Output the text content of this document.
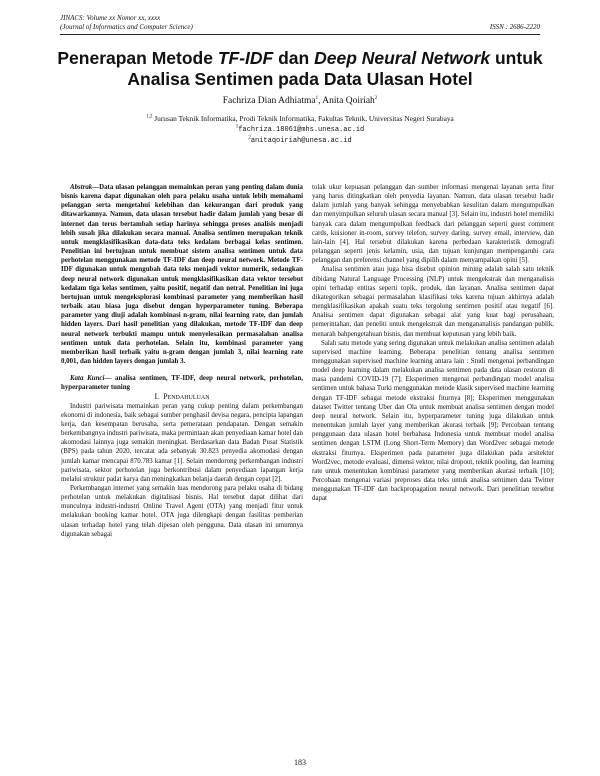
JINACS: Volume xx Nomor xx, xxxx
(Journal of Informatics and Computer Science)	ISSN : 2686-2220
Penerapan Metode TF-IDF dan Deep Neural Network untuk Analisa Sentimen pada Data Ulasan Hotel
Fachriza Dian Adhiatma$^1$, Anita Qoiriah$^2$
$^{1,2}$ Jurusan Teknik Informatika, Prodi Teknik Informatika, Fakultas Teknik, Universitas Negeri Surabaya
$^1$fachriza.18061@mhs.unesa.ac.id
$^2$anitaqoiriah@unesa.ac.id

Abstrak—Data ulasan pelanggan memainkan peran yang penting dalam dunia bisnis karena dapat digunakan oleh para pelaku usaha untuk lebih memahami pelanggan serta mengetahui kelebihan dan kekurangan dari produk yang ditawarkannya. Namun, data ulasan tersebut hadir dalam jumlah yang besar di internet dan terus bertambah setiap harinya sehingga proses analisis menjadi lebih susah jika dilakukan secara manual. Analisa sentimen merupakan teknik untuk mengklasifikasikan data-data teks kedalam berbagai kelas sentimen. Penelitian ini bertujuan untuk membuat sistem analisa sentimen untuk data perhotelan menggunakan metode TF-IDF dan deep neural network. Metode TF-IDF digunakan untuk mengubah data teks menjadi vektor numerik, sedangkan deep neural network digunakan untuk mengklasifikasikan data vektor tersebut kedalam tiga kelas sentimen, yaitu positif, negatif dan netral. Penelitian ini juga bertujuan untuk mengeksplorasi kombinasi parameter yang memberikan hasil terbaik atau biasa juga disebut dengan hyperparameter tuning. Beberapa parameter yang diuji adalah kombinasi n-gram, nilai learning rate, dan jumlah hidden layers. Dari hasil penelitian yang dilakukan, metode TF-IDF dan deep neural network terbukti mampu untuk menyelesaikan permasalahan analisa sentimen untuk data perhotelan. Selain itu, kombinasi parameter yang memberikan hasil terbaik yaitu n-gram dengan jumlah 3, nilai learning rate 0,001, dan hidden layers dengan jumlah 3.

Kata Kunci— analisa sentimen, TF-IDF, deep neural network, perhotelan, hyperparameter tuning

I. Pendahuluan

Industri pariwisata memainkan peran yang cukup penting dalam perkembangan ekonomi di indonesia, baik sebagai sumber penghasil devisa negara, pencipta lapangan kerja, dan kesempatan berusaha, serta pemerataan pendapatan. Dengan semakin berkembangnya industri pariwisata, maka permintaan akan penyediaan kamar hotel dan akomodasi lainnya juga semakin meningkat. Berdasarkan data Badan Pusat Statistik (BPS) pada tahun 2020, tercatat ada sebanyak 30.823 penyedia akomodasi dengan jumlah kamar mencapai 870.783 kamar [1]. Selain mendorong perkembangan industri pariwisata, sektor perhotelan juga berkontribusi dalam penyediaan lapangan kerja melalui struktur padat karya dan meningkatkan belanja daerah dengan cepat [2].

Perkembangan internet yang semakin luas mendorong para pelaku usaha di bidang perhotelan untuk melakukan digitalisasi bisnis. Hal tersebut dapat dilihat dari munculnya industri-industri Online Travel Agent (OTA) yang menjadi fitur untuk melakukan booking kamar hotel. OTA juga dilengkapi dengan fasilitas pemberian ulasan terhadap hotel yang telah dipesan oleh pengguna. Data ulasan ini umumnya digunakan sebagai

tolak ukur kepuasan pelanggan dan sumber informasi mengenai layanan serta fitur yang harus ditingkatkan oleh penyedia layanan. Namun, data ulasan tersebut hadir dalam jumlah yang banyak sehingga menyebabkan kesulitan dalam mengumpulkan dan menyimpulkan seluruh ulasan secara manual [3]. Selain itu, industri hotel memiliki banyak cara dalam mengumpulkan feedback dari pelanggan seperti guest comment cards, kuisioner in-room, survey telefon, survey daring, survey email, interview, dan lain-lain [4]. Hal tersebut dilakukan karena perbedaan karakteristik demografi pelanggan seperti jenis kelamin, usia, dan tujuan kunjungan mempengaruhi cara pelanggan dan preferensi channel yang dipilih dalam menyampaikan opini [5].

Analisa sentimen atau juga bisa disebut opinion mining adalah salah satu teknik dibidang Natural Language Processing (NLP) untuk mengekstrak dan menganalisis opini terhadap entitas seperti topik, produk, dan layanan. Analisa sentimen dapat dikategorikan sebagai permasalahan klasifikasi teks karena tujuan akhirnya adalah mengklasifikasikan apakah suatu teks tergolong sentimen positif atau negatif [6]. Analisa sentimen dapat digunakan sebagai alat yang kuat bagi perusahaan, pemerintahan, dan peneliti untuk mengekstrak dan mengananalisis pandangan publik, menarah bahpengetahuan bisnis, dan membuat keputusan yang lebih baik.

Salah satu metode yang sering digunakan untuk melakukan analisa sentimen adalah supervised machine learning. Beberapa penelitian tentang analisa sentimen menggunakan supervised machine learning antara lain : Studi mengenai perbandingan model deep learning dalam melakukan analisa sentimen pada data ulasan restoran di masa pandemi COVID-19 [7]; Eksperimen mengenai perbandingan model analisa sentimen untuk bahasa Turki menggunakan metode klasik supervised machine learning dengan TF-IDF sebagai metode ekstraksi fiturnya [8]; Eksperimen menggunakan dataset Twitter tentang Uber dan Ola untuk membuat analisa sentimen dengan model deep neural network. Selain itu, hyperparameter tuning juga dilakukan untuk menentukan jumlah layer yang memberikan akurasi terbaik [9]; Percobaan tentang penggunaan data ulasan hotel berbahasa Indonesia untuk membuat model analisa sentimen dengan LSTM (Long Short-Term Memory) dan Word2vec sebagai metode ekstraksi fiturnya. Eksperimen pada parameter juga dilakukan pada arsitektur Word2vec, metode evaluasi, dimensi vektor, nilai dropout, teknik pooling, dan learning rate untuk menentukan kombinasi parameter yang memberikan akurasi terbaik [10]; Percobaan mengenai variasi preproses data teks untuk analisa sentimen data Twitter menggunakan TF-IDF dan backpropagation neural network. Dari penelitian tersebut dapat

183
